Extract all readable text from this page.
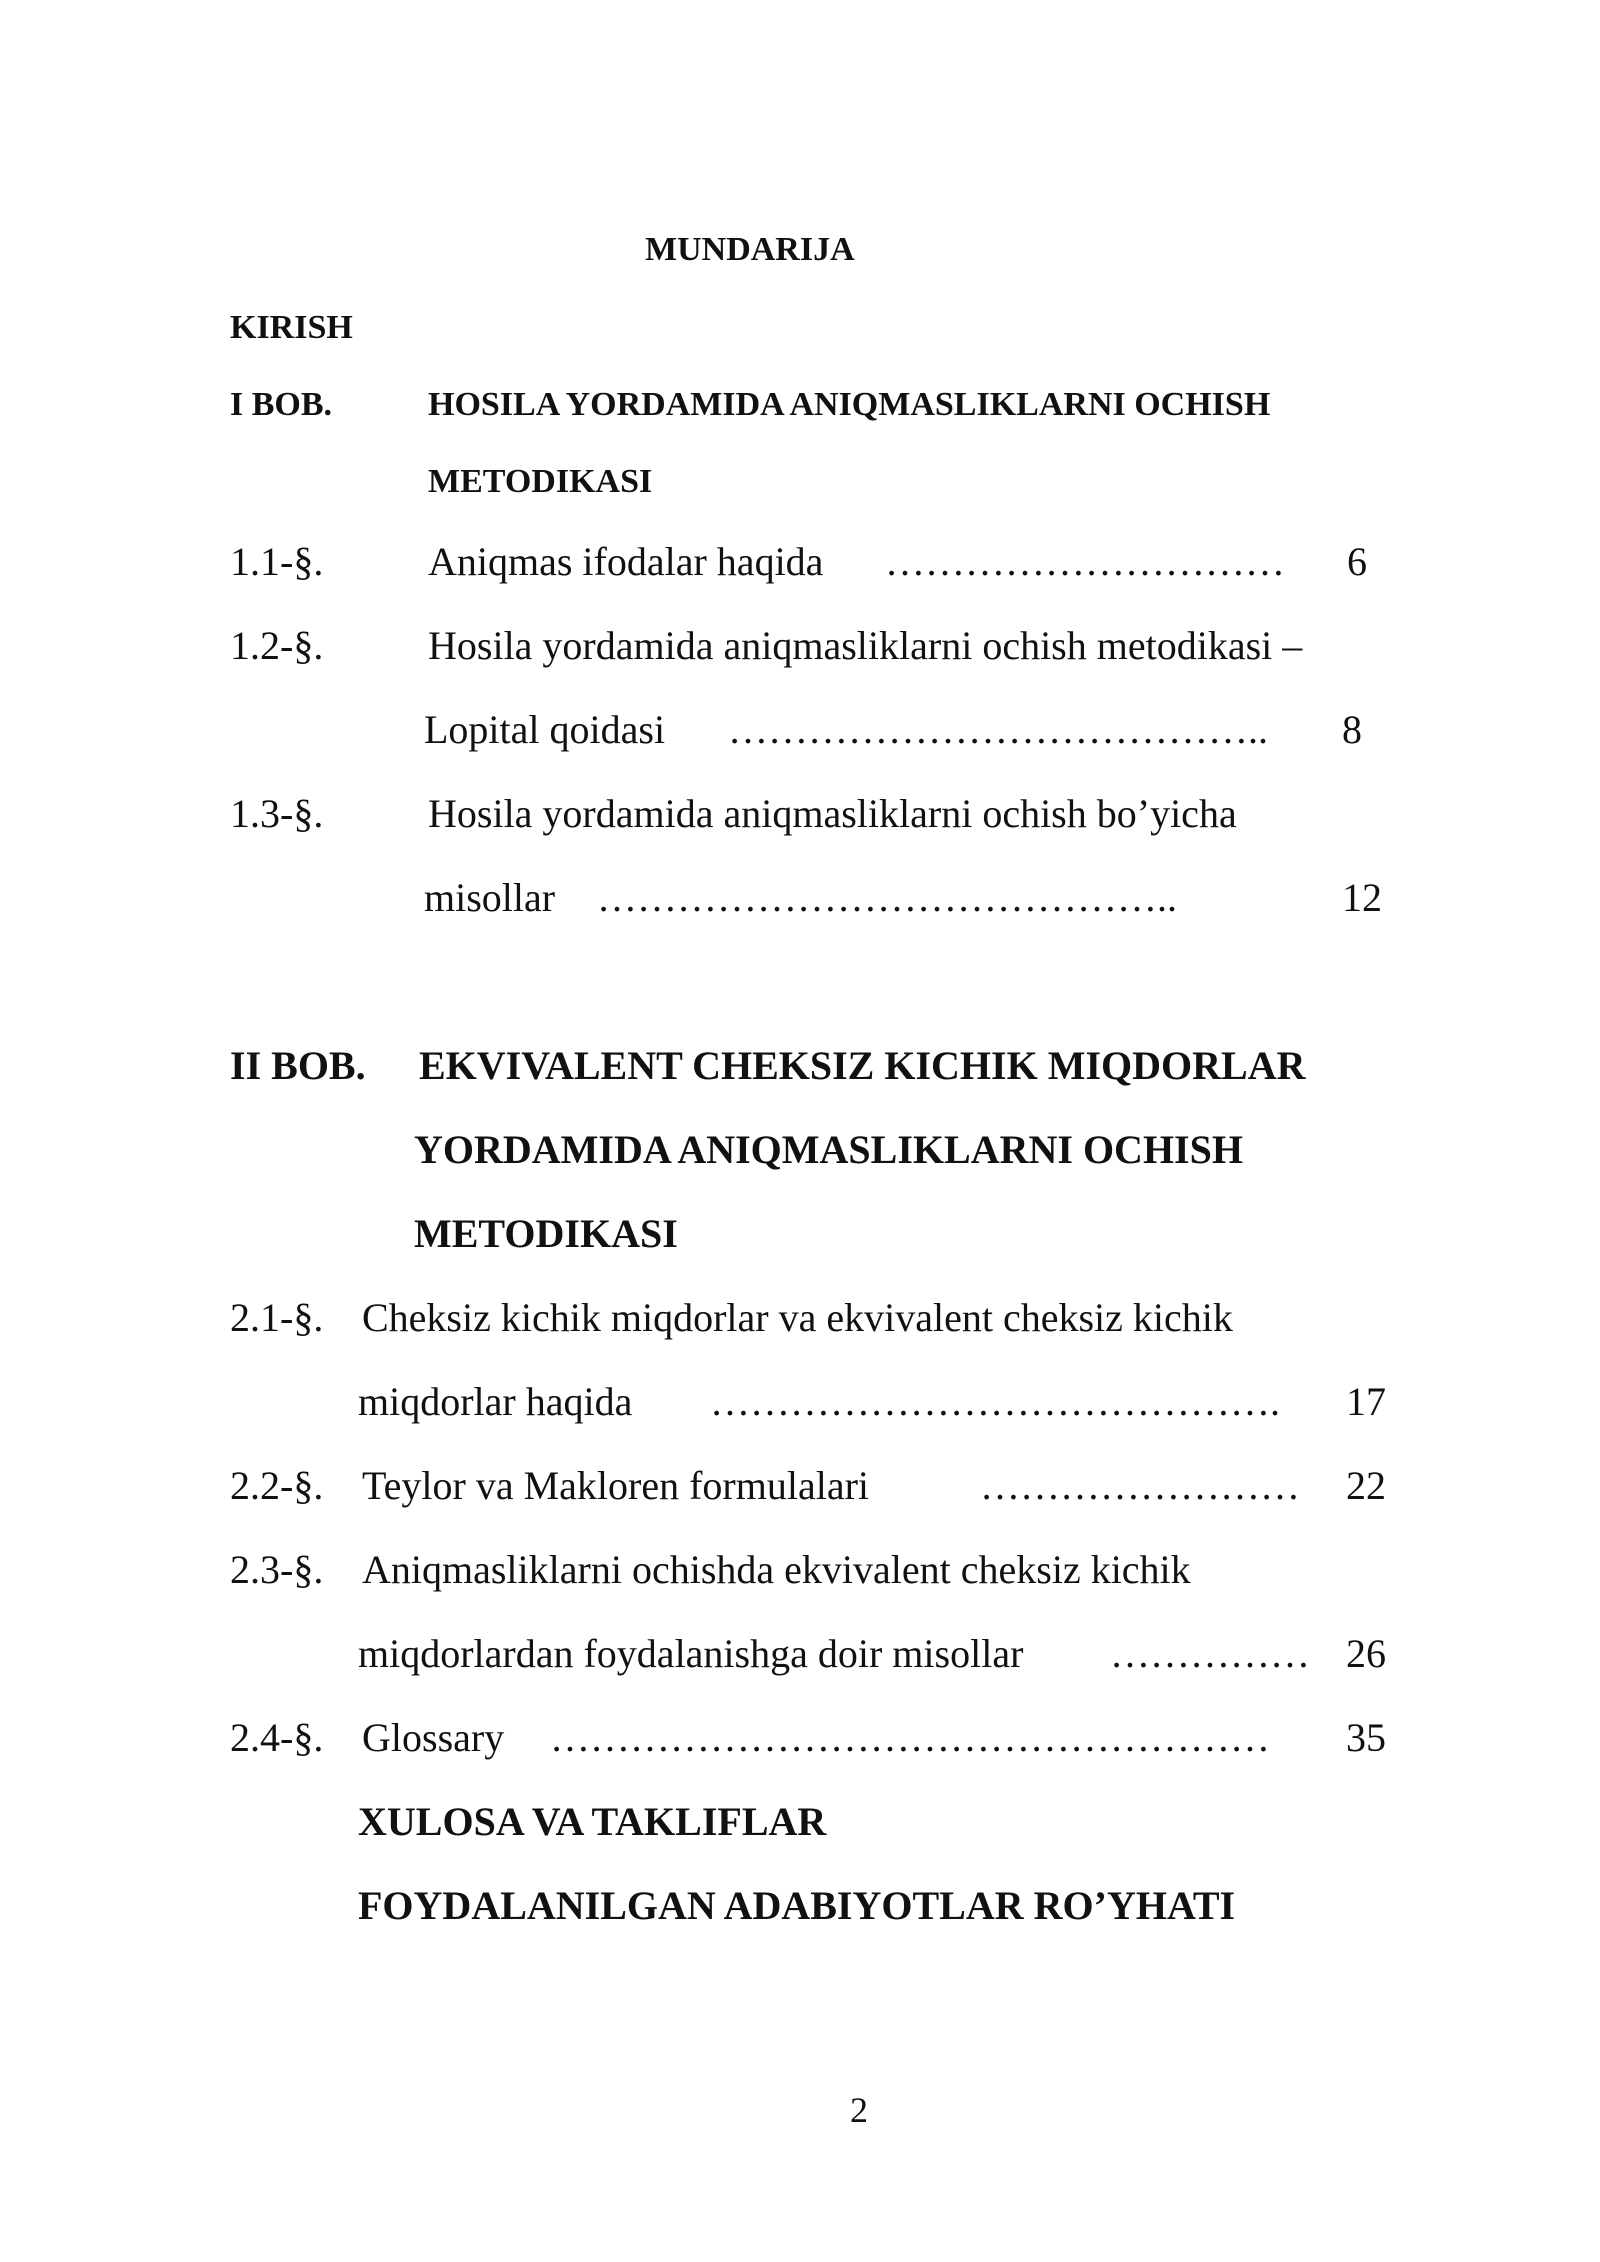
MUNDARIJA
KIRISH
I BOB.	HOSILA YORDAMIDA ANIQMASLIKLARNI OCHISH
METODIKASI
1.1-§.	Aniqmas ifodalar haqida ………………………… 6
1.2-§.	Hosila yordamida aniqmasliklarni ochish metodikasi –
Lopital qoidasi ………………………………….. 8
1.3-§.	Hosila yordamida aniqmasliklarni ochish bo’yicha
misollar ……………………………………..	12
II BOB. EKVIVALENT CHEKSIZ KICHIK MIQDORLAR
YORDAMIDA ANIQMASLIKLARNI OCHISH
METODIKASI
2.1-§. Cheksiz kichik miqdorlar va ekvivalent cheksiz kichik
miqdorlar haqida ……………………………………. 17
2.2-§. Teylor va Makloren formulalari	…………………… 22
2.3-§. Aniqmasliklarni ochishda ekvivalent cheksiz kichik
miqdorlardan foydalanishga doir misollar …………… 26
2.4-§. Glossary ……………………………………………… 35
XULOSA VA TAKLIFLAR
FOYDALANILGAN ADABIYOTLAR RO’YHATI
2
